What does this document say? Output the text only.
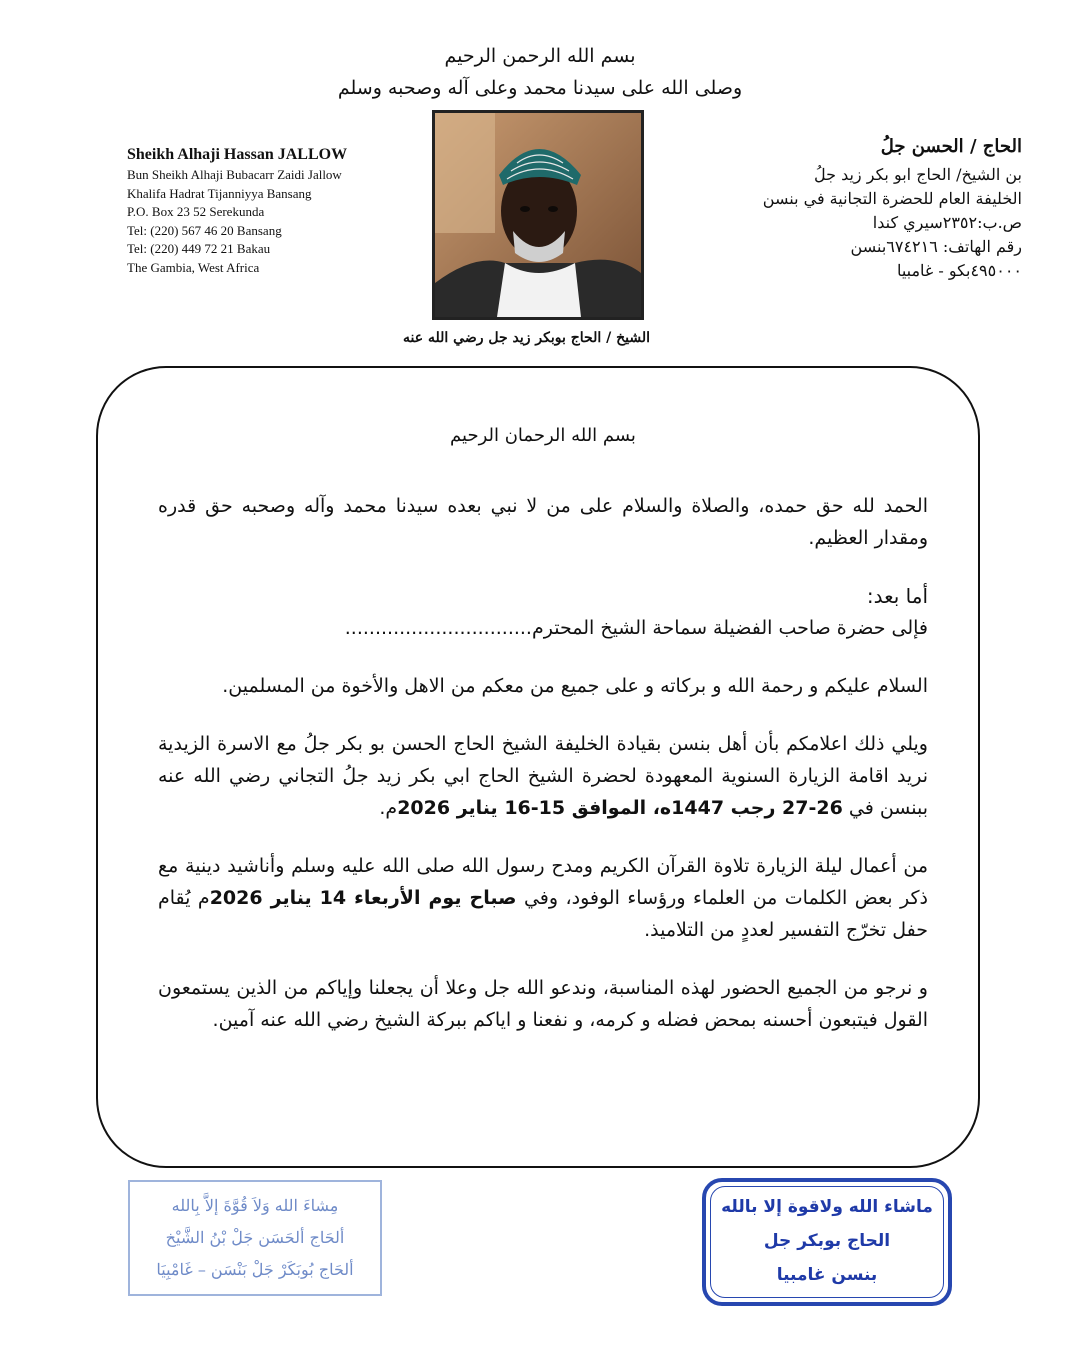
بسم الله الرحمن الرحيم
وصلى الله على سيدنا محمد وعلى آله وصحبه وسلم
Sheikh Alhaji Hassan JALLOW
Bun Sheikh Alhaji Bubacarr Zaidi Jallow
Khalifa Hadrat Tijanniyya Bansang
P.O. Box 23 52 Serekunda
Tel: (220) 567 46 20 Bansang
Tel: (220) 449 72 21 Bakau
The Gambia, West Africa
الشيخ / الحاج بوبكر زيد جل رضي الله عنه
الحاج / الحسن جلُ
بن الشيخ/ الحاج ابو بكر زيد جلُ
الخليفة العام للحضرة التجانية في بنسن
ص.ب:٢٣٥٢سيري كندا
رقم الهاتف: ٦٧٤٢١٦بنسن
٤٩٥٠٠٠بكو - غامبيا

بسم الله الرحمان الرحيم

الحمد لله حق حمده، والصلاة والسلام على من لا نبي بعده سيدنا محمد وآله وصحبه حق قدره ومقدار العظيم.

أما بعد:

فإلى حضرة صاحب الفضيلة سماحة الشيخ المحترم...............................

السلام عليكم و رحمة الله و بركاته و على جميع من معكم من الاهل والأخوة من المسلمين.

ويلي ذلك اعلامكم بأن أهل بنسن بقيادة الخليفة الشيخ الحاج الحسن بو بكر جلُ مع الاسرة الزيدية نريد اقامة الزيارة السنوية المعهودة لحضرة الشيخ الحاج ابي بكر زيد جلُ التجاني رضي الله عنه ببنسن في 26-27 رجب 1447ه، الموافق 15-16 يناير 2026م.

من أعمال ليلة الزيارة تلاوة القرآن الكريم ومدح رسول الله صلى الله عليه وسلم وأناشيد دينية مع ذكر بعض الكلمات من العلماء ورؤساء الوفود، وفي صباح يوم الأربعاء 14 يناير 2026م يُقام حفل تخرّج التفسير لعددٍ من التلاميذ.

و نرجو من الجميع الحضور لهذه المناسبة، وندعو الله جل وعلا أن يجعلنا وإياكم من الذين يستمعون القول فيتبعون أحسنه بمحض فضله و كرمه، و نفعنا و اياكم ببركة الشيخ رضي الله عنه آمين.

مِشاءَ الله وَلاَ قُوَّةَ إلاَّ بِالله
ألحَاج ألحَسَن جَلْ بْنُ الشَّيْخ
ألحَاج بُوبَكَرْ جَلْ بَنْسَن – غَامْبِيَا
ماشاء الله ولاقوة إلا بالله
الحاج بوبكر جل
بنسن غامبيا
